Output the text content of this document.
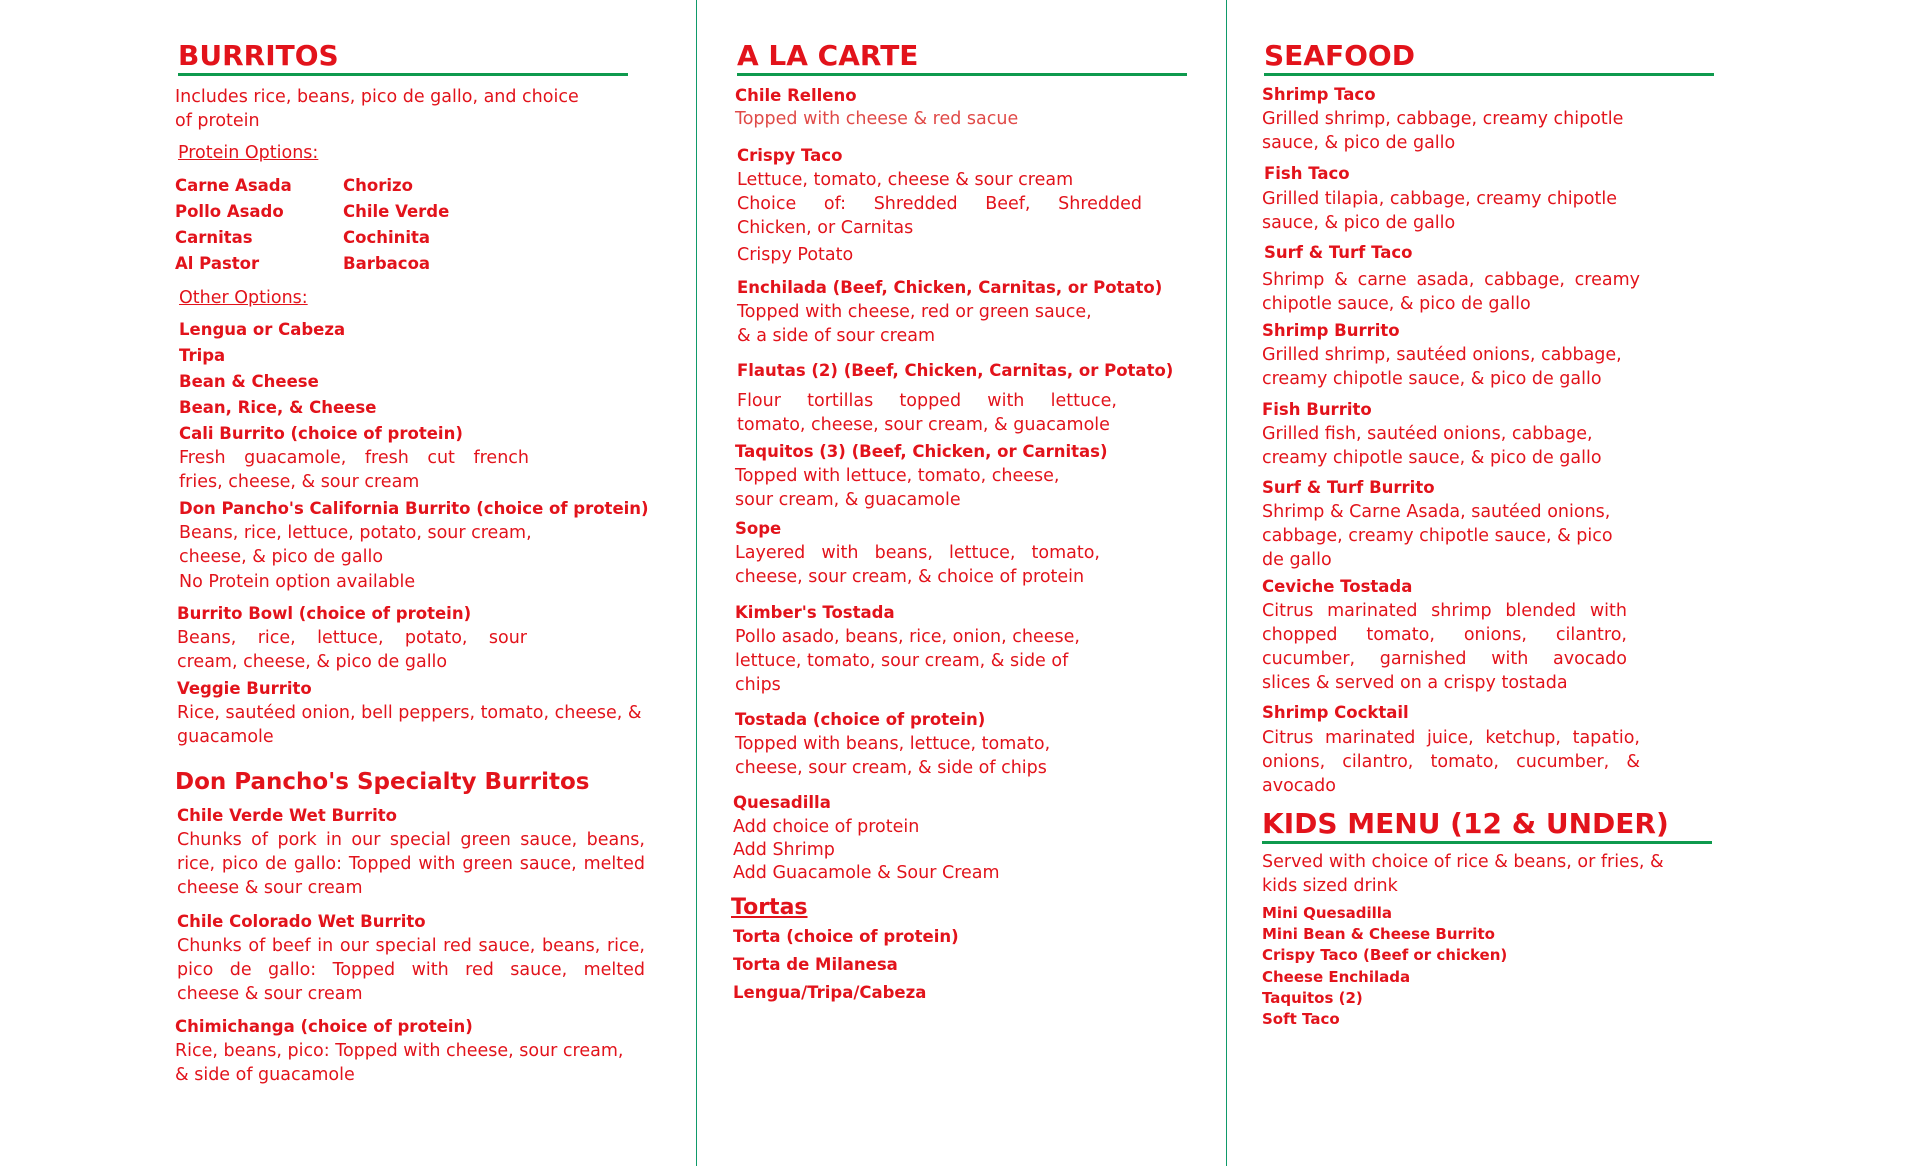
BURRITOS
Includes rice, beans, pico de gallo, and choice
of protein
Protein Options:
Carne Asada
Pollo Asado
Carnitas
Al Pastor
Chorizo
Chile Verde
Cochinita
Barbacoa
Other Options:
Lengua or Cabeza
Tripa
Bean & Cheese
Bean, Rice, & Cheese
Cali Burrito (choice of protein)
Fresh guacamole, fresh cut french
fries, cheese, & sour cream
Don Pancho's California Burrito (choice of protein)
Beans, rice, lettuce, potato, sour cream,
cheese, & pico de gallo
No Protein option available
Burrito Bowl (choice of protein)
Beans, rice, lettuce, potato, sour
cream, cheese, & pico de gallo
Veggie Burrito
Rice, sautéed onion, bell peppers, tomato, cheese, &
guacamole
Don Pancho's Specialty Burritos
Chile Verde Wet Burrito
Chunks of pork in our special green sauce, beans,
rice, pico de gallo: Topped with green sauce, melted
cheese & sour cream
Chile Colorado Wet Burrito
Chunks of beef in our special red sauce, beans, rice,
pico de gallo: Topped with red sauce, melted
cheese & sour cream
Chimichanga (choice of protein)
Rice, beans, pico: Topped with cheese, sour cream,
& side of guacamole
A LA CARTE
Chile Relleno
Topped with cheese & red sacue
Crispy Taco
Lettuce, tomato, cheese & sour cream
Choice of: Shredded Beef, Shredded
Chicken, or Carnitas
Crispy Potato
Enchilada (Beef, Chicken, Carnitas, or Potato)
Topped with cheese, red or green sauce,
& a side of sour cream
Flautas (2) (Beef, Chicken, Carnitas, or Potato)
Flour tortillas topped with lettuce,
tomato, cheese, sour cream, & guacamole
Taquitos (3) (Beef, Chicken, or Carnitas)
Topped with lettuce, tomato, cheese,
sour cream, & guacamole
Sope
Layered with beans, lettuce, tomato,
cheese, sour cream, & choice of protein
Kimber's Tostada
Pollo asado, beans, rice, onion, cheese,
lettuce, tomato, sour cream, & side of
chips
Tostada (choice of protein)
Topped with beans, lettuce, tomato,
cheese, sour cream, & side of chips
Quesadilla
Add choice of protein
Add Shrimp
Add Guacamole & Sour Cream
Tortas
Torta (choice of protein)
Torta de Milanesa
Lengua/Tripa/Cabeza
SEAFOOD
Shrimp Taco
Grilled shrimp, cabbage, creamy chipotle
sauce, & pico de gallo
Fish Taco
Grilled tilapia, cabbage, creamy chipotle
sauce, & pico de gallo
Surf & Turf Taco
Shrimp & carne asada, cabbage, creamy
chipotle sauce, & pico de gallo
Shrimp Burrito
Grilled shrimp, sautéed onions, cabbage,
creamy chipotle sauce, & pico de gallo
Fish Burrito
Grilled fish, sautéed onions, cabbage,
creamy chipotle sauce, & pico de gallo
Surf & Turf Burrito
Shrimp & Carne Asada, sautéed onions,
cabbage, creamy chipotle sauce, & pico
de gallo
Ceviche Tostada
Citrus marinated shrimp blended with
chopped tomato, onions, cilantro,
cucumber, garnished with avocado
slices & served on a crispy tostada
Shrimp Cocktail
Citrus marinated juice, ketchup, tapatio,
onions, cilantro, tomato, cucumber, &
avocado
KIDS MENU (12 & UNDER)
Served with choice of rice & beans, or fries, &
kids sized drink
Mini Quesadilla
Mini Bean & Cheese Burrito
Crispy Taco (Beef or chicken)
Cheese Enchilada
Taquitos (2)
Soft Taco
